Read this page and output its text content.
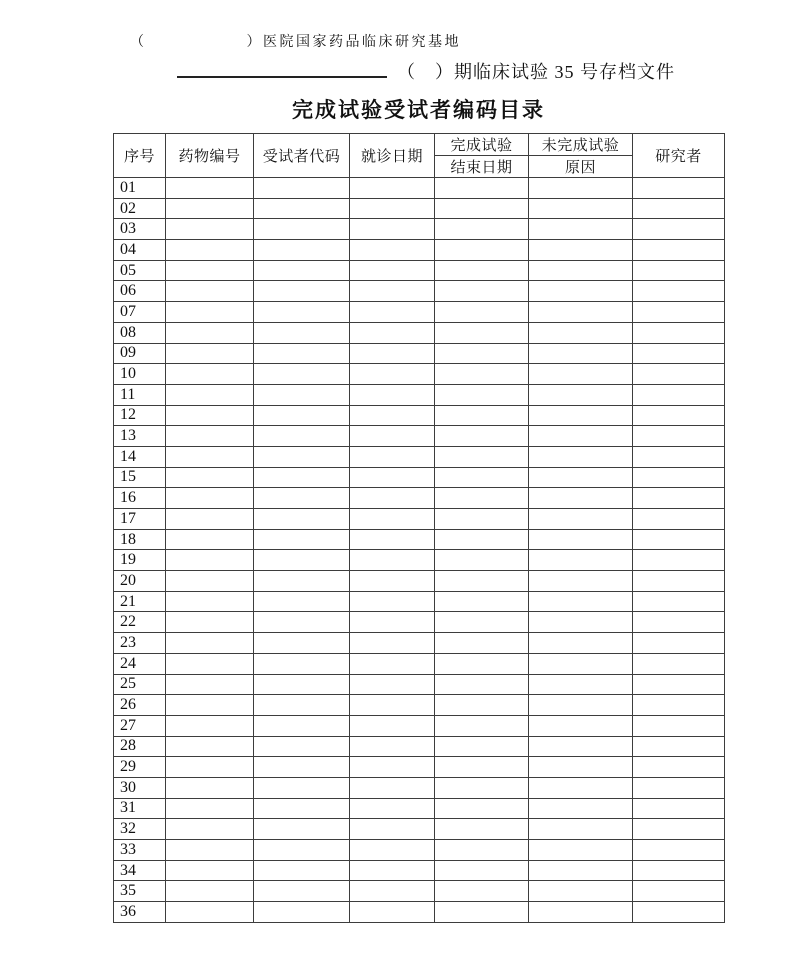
（	）医院国家药品临床研究基地
（　）期临床试验 35 号存档文件
完成试验受试者编码目录
序号	药物编号	受试者代码	就诊日期	完成试验	未完成试验	研究者
				结束日期	原因	
01						
02						
03						
04						
05						
06						
07						
08						
09						
10						
11						
12						
13						
14						
15						
16						
17						
18						
19						
20						
21						
22						
23						
24						
25						
26						
27						
28						
29						
30						
31						
32						
33						
34						
35						
36						
